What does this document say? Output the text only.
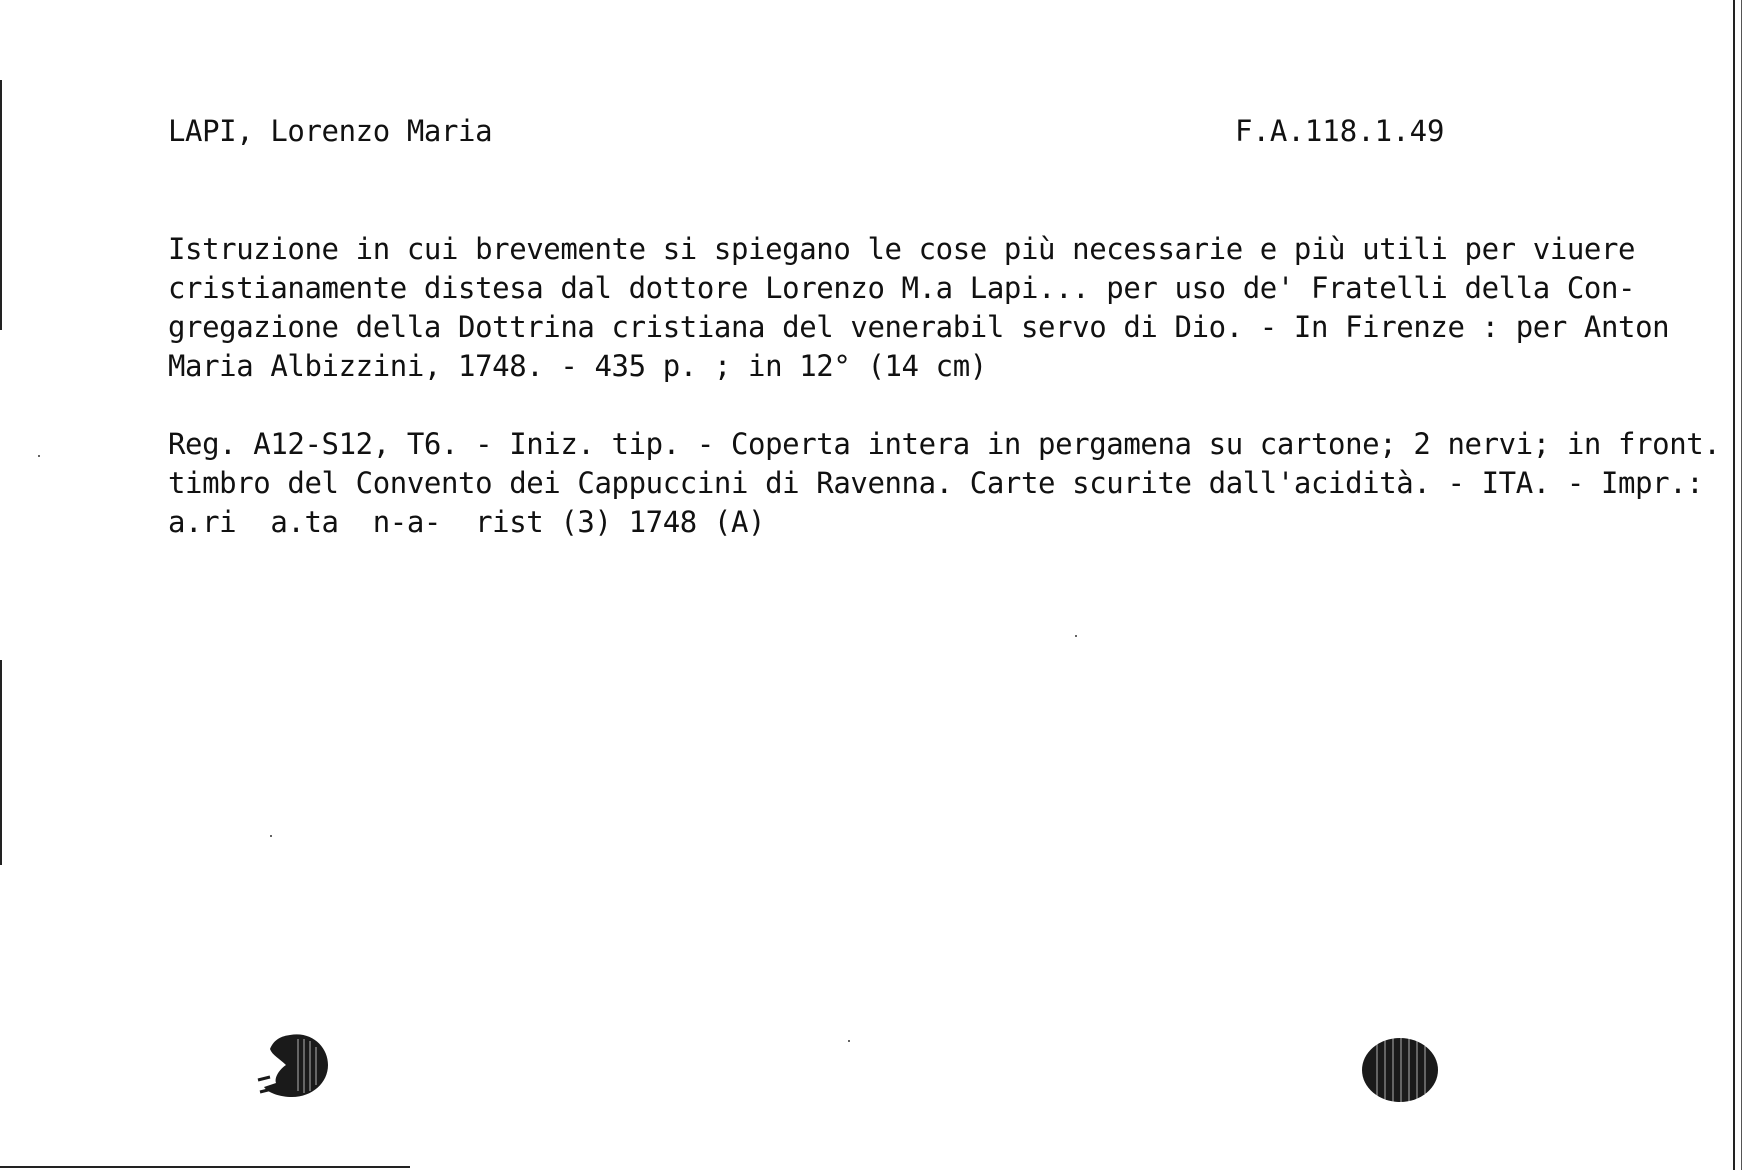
LAPI, Lorenzo Maria	F.A.118.1.49
Istruzione in cui brevemente si spiegano le cose più necessarie e più utili per viuere
cristianamente distesa dal dottore Lorenzo M.a Lapi... per uso de' Fratelli della Con-
gregazione della Dottrina cristiana del venerabil servo di Dio. - In Firenze : per Anton
Maria Albizzini, 1748. - 435 p. ; in 12° (14 cm)
Reg. A12-S12, T6. - Iniz. tip. - Coperta intera in pergamena su cartone; 2 nervi; in front.
timbro del Convento dei Cappuccini di Ravenna. Carte scurite dall'acidità. - ITA. - Impr.:
a.ri  a.ta  n-a-  rist (3) 1748 (A)
